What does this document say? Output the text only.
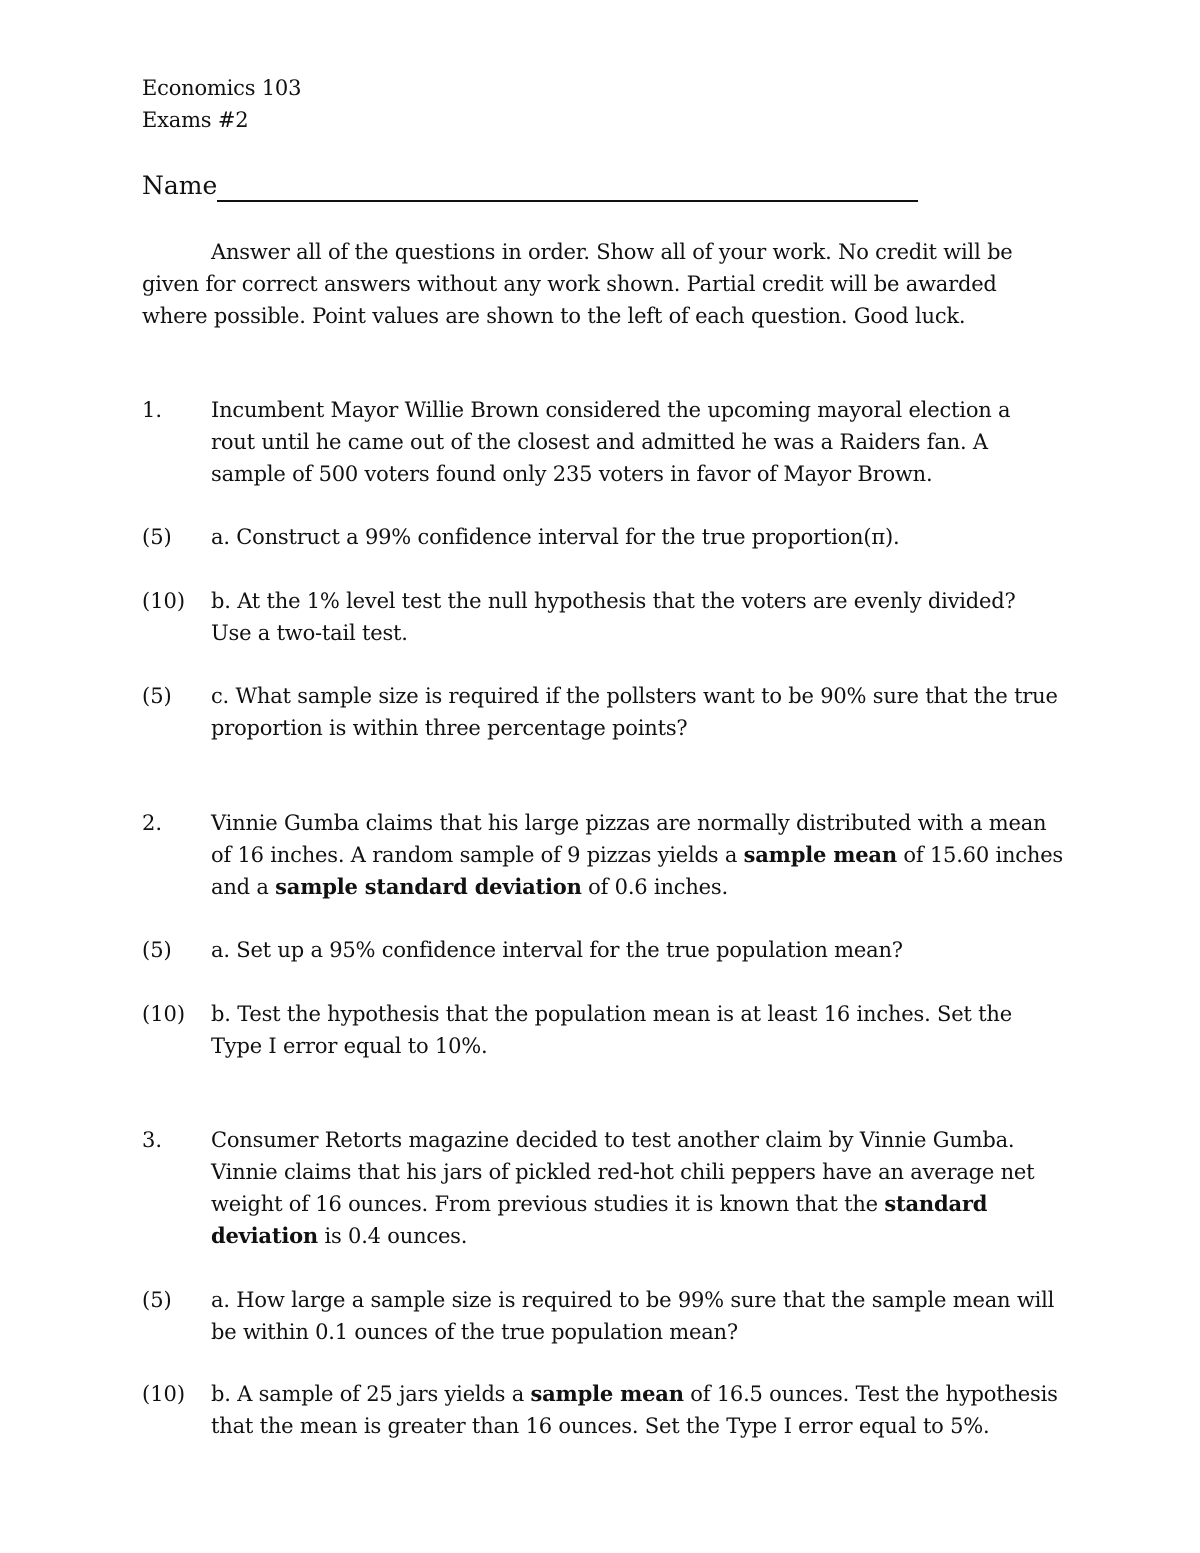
Economics 103
Exams #2
Name
Answer all of the questions in order. Show all of your work. No credit will be
given for correct answers without any work shown. Partial credit will be awarded
where possible. Point values are shown to the left of each question. Good luck.
1. Incumbent Mayor Willie Brown considered the upcoming mayoral election a
rout until he came out of the closest and admitted he was a Raiders fan. A
sample of 500 voters found only 235 voters in favor of Mayor Brown.
(5) a. Construct a 99% confidence interval for the true proportion(π).
(10) b. At the 1% level test the null hypothesis that the voters are evenly divided?
Use a two-tail test.
(5) c. What sample size is required if the pollsters want to be 90% sure that the true
proportion is within three percentage points?
2. Vinnie Gumba claims that his large pizzas are normally distributed with a mean
of 16 inches. A random sample of 9 pizzas yields a sample mean of 15.60 inches
and a sample standard deviation of 0.6 inches.
(5) a. Set up a 95% confidence interval for the true population mean?
(10) b. Test the hypothesis that the population mean is at least 16 inches. Set the
Type I error equal to 10%.
3. Consumer Retorts magazine decided to test another claim by Vinnie Gumba.
Vinnie claims that his jars of pickled red-hot chili peppers have an average net
weight of 16 ounces. From previous studies it is known that the standard
deviation is 0.4 ounces.
(5) a. How large a sample size is required to be 99% sure that the sample mean will
be within 0.1 ounces of the true population mean?
(10) b. A sample of 25 jars yields a sample mean of 16.5 ounces. Test the hypothesis
that the mean is greater than 16 ounces. Set the Type I error equal to 5%.
